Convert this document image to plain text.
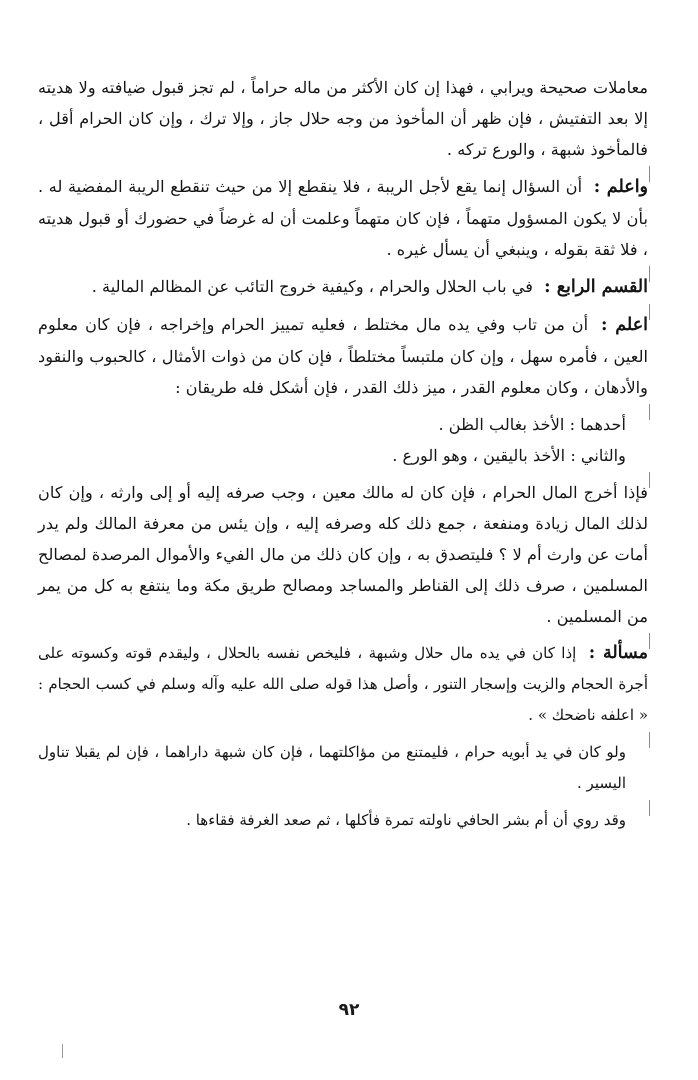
معاملات صحيحة ويرابي ، فهذا إن كان الأكثر من ماله حراماً ، لم تجز قبول ضيافته ولا هديته إلا بعد التفتيش ، فإن ظهر أن المأخوذ من وجه حلال جاز ، وإلا ترك ، وإن كان الحرام أقل ، فالمأخوذ شبهة ، والورع تركه .

واعلم : أن السؤال إنما يقع لأجل الريبة ، فلا ينقطع إلا من حيث تنقطع الريبة المفضية له . بأن لا يكون المسؤول متهماً ، فإن كان متهماً وعلمت أن له غرضاً في حضورك أو قبول هديته ، فلا ثقة بقوله ، وينبغي أن يسأل غيره .

القسم الرابع : في باب الحلال والحرام ، وكيفية خروج التائب عن المظالم المالية .

اعلم : أن من تاب وفي يده مال مختلط ، فعليه تمييز الحرام وإخراجه ، فإن كان معلوم العين ، فأمره سهل ، وإن كان ملتبساً مختلطاً ، فإن كان من ذوات الأمثال ، كالحبوب والنقود والأدهان ، وكان معلوم القدر ، ميز ذلك القدر ، فإن أشكل فله طريقان :

أحدهما : الأخذ بغالب الظن .

والثاني : الأخذ باليقين ، وهو الورع .

فإذا أخرج المال الحرام ، فإن كان له مالك معين ، وجب صرفه إليه أو إلى وارثه ، وإن كان لذلك المال زيادة ومنفعة ، جمع ذلك كله وصرفه إليه ، وإن يئس من معرفة المالك ولم يدر أمات عن وارث أم لا ؟ فليتصدق به ، وإن كان ذلك من مال الفيء والأموال المرصدة لمصالح المسلمين ، صرف ذلك إلى القناطر والمساجد ومصالح طريق مكة وما ينتفع به كل من يمر من المسلمين .

مسألة : إذا كان في يده مال حلال وشبهة ، فليخص نفسه بالحلال ، وليقدم قوته وكسوته على أجرة الحجام والزيت وإسجار التنور ، وأصل هذا قوله صلى الله عليه وآله وسلم في كسب الحجام : « اعلفه ناضحك » .

ولو كان في يد أبويه حرام ، فليمتنع من مؤاكلتهما ، فإن كان شبهة داراهما ، فإن لم يقبلا تناول اليسير .

وقد روي أن أم بشر الحافي ناولته تمرة فأكلها ، ثم صعد الغرفة فقاءها .

٩٢
